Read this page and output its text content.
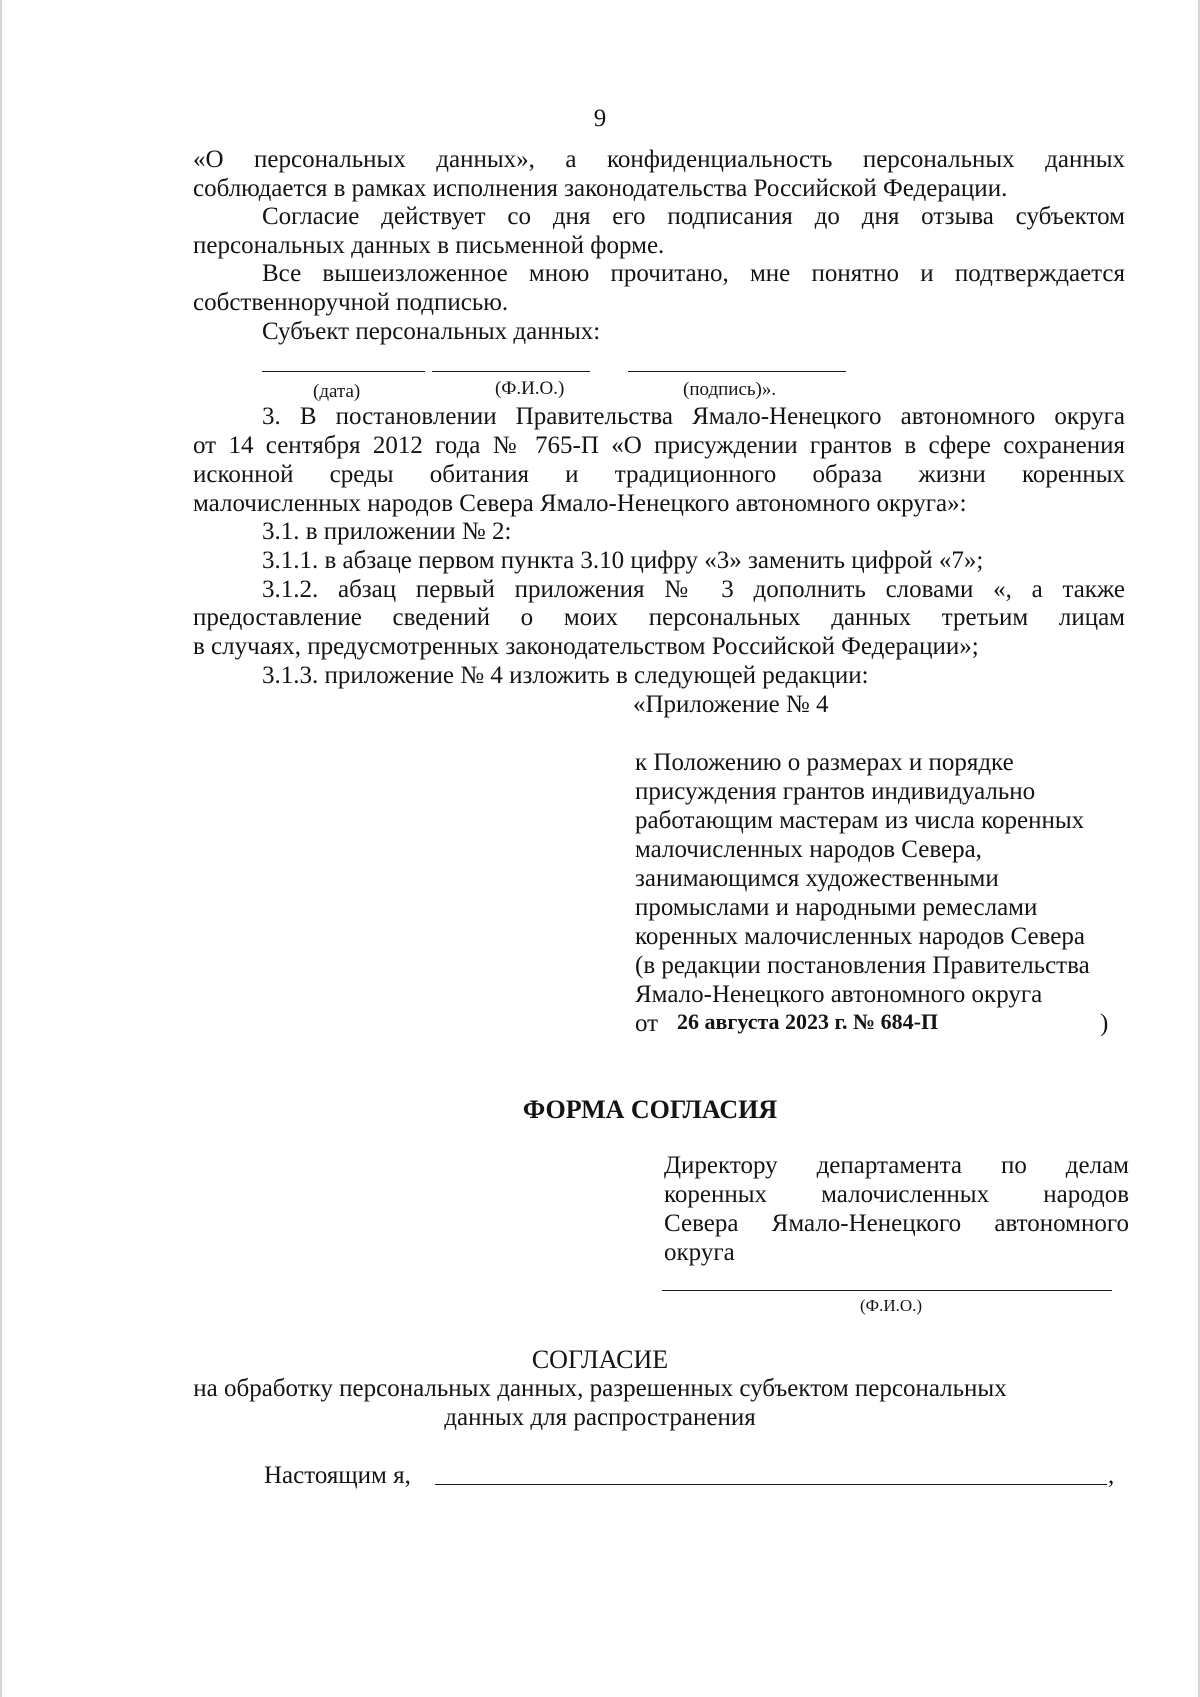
9
«О персональных данных», а конфиденциальность персональных данных
соблюдается в рамках исполнения законодательства Российской Федерации.
Согласие действует со дня его подписания до дня отзыва субъектом
персональных данных в письменной форме.
Все вышеизложенное мною прочитано, мне понятно и подтверждается
собственноручной подписью.
Субъект персональных данных:
(дата)	(Ф.И.О.)	(подпись)».
3. В постановлении Правительства Ямало-Ненецкого автономного округа
от 14 сентября 2012 года № 765-П «О присуждении грантов в сфере сохранения
исконной среды обитания и традиционного образа жизни коренных
малочисленных народов Севера Ямало-Ненецкого автономного округа»:
3.1. в приложении № 2:
3.1.1. в абзаце первом пункта 3.10 цифру «3» заменить цифрой «7»;
3.1.2. абзац первый приложения № 3 дополнить словами «, а также
предоставление сведений о моих персональных данных третьим лицам
в случаях, предусмотренных законодательством Российской Федерации»;
3.1.3. приложение № 4 изложить в следующей редакции:
«Приложение № 4
к Положению о размерах и порядке
присуждения грантов индивидуально
работающим мастерам из числа коренных
малочисленных народов Севера,
занимающимся художественными
промыслами и народными ремеслами
коренных малочисленных народов Севера
(в редакции постановления Правительства
Ямало-Ненецкого автономного округа
от 26 августа 2023 г. № 684-П	)
ФОРМА СОГЛАСИЯ
Директору департамента по делам
коренных малочисленных народов
Севера Ямало-Ненецкого автономного
округа
(Ф.И.О.)
СОГЛАСИЕ
на обработку персональных данных, разрешенных субъектом персональных
данных для распространения
Настоящим я,	,
